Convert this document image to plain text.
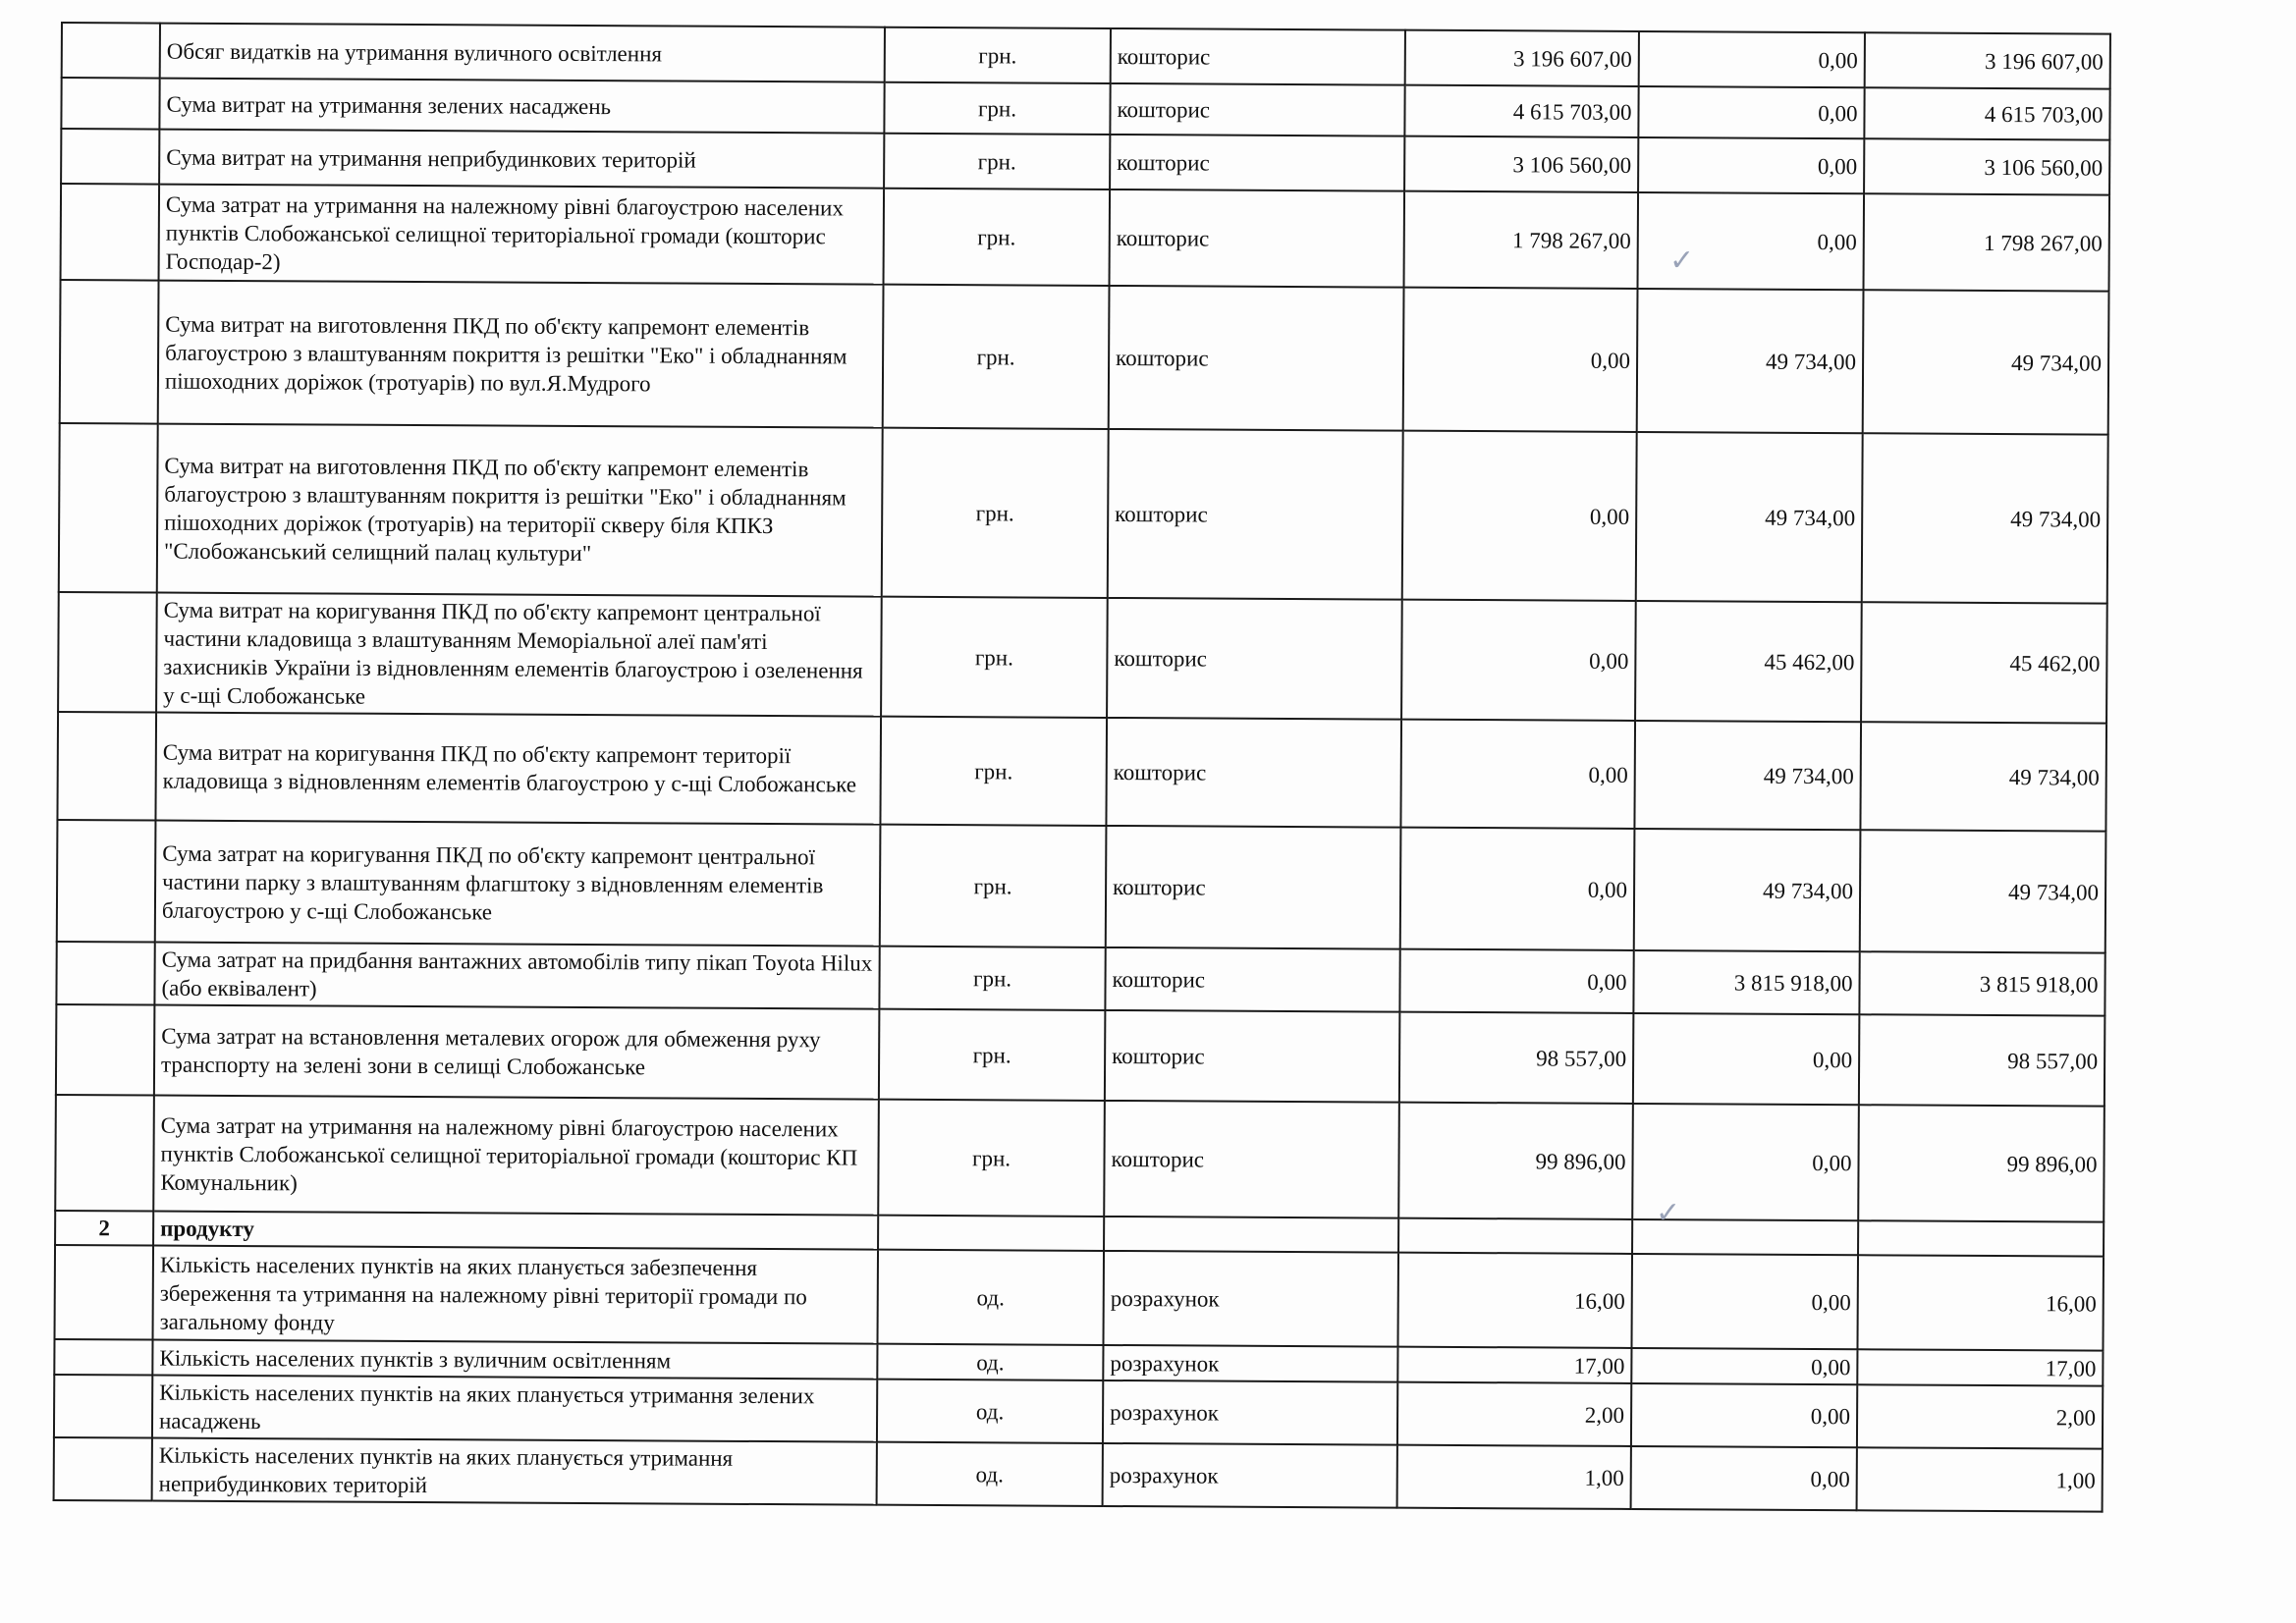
	Обсяг видатків на утримання вуличного освітлення	грн.	кошторис	3 196 607,00	0,00	3 196 607,00
	Сума витрат на утримання зелених насаджень	грн.	кошторис	4 615 703,00	0,00	4 615 703,00
	Сума витрат на утримання неприбудинкових територій	грн.	кошторис	3 106 560,00	0,00	3 106 560,00
	Сума затрат на утримання на належному рівні благоустрою населених пунктів Слобожанської селищної територіальної громади (кошторис Господар-2)	грн.	кошторис	1 798 267,00	0,00	1 798 267,00
	Сума витрат на виготовлення ПКД по об'єкту капремонт елементів благоустрою з влаштуванням покриття із решітки "Еко" і обладнанням пішоходних доріжок (тротуарів) по вул.Я.Мудрого	грн.	кошторис	0,00	49 734,00	49 734,00
	Сума витрат на виготовлення ПКД по об'єкту капремонт елементів благоустрою з влаштуванням покриття із решітки "Еко" і обладнанням пішоходних доріжок (тротуарів) на території скверу біля КПКЗ "Слобожанський селищний палац культури"	грн.	кошторис	0,00	49 734,00	49 734,00
	Сума витрат на коригування ПКД по об'єкту капремонт центральної частини кладовища з влаштуванням Меморіальної алеї пам'яті захисників України із відновленням елементів благоустрою і озеленення у с-щі Слобожанське	грн.	кошторис	0,00	45 462,00	45 462,00
	Сума витрат на коригування ПКД по об'єкту капремонт території кладовища з відновленням елементів благоустрою у с-щі Слобожанське	грн.	кошторис	0,00	49 734,00	49 734,00
	Сума затрат на коригування ПКД по об'єкту капремонт центральної частини парку з влаштуванням флагштоку з відновленням елементів благоустрою у с-щі Слобожанське	грн.	кошторис	0,00	49 734,00	49 734,00
	Сума затрат на придбання вантажних автомобілів типу пікап Toyota Hilux (або еквівалент)	грн.	кошторис	0,00	3 815 918,00	3 815 918,00
	Сума затрат на встановлення металевих огорож для обмеження руху транспорту на зелені зони в селищі Слобожанське	грн.	кошторис	98 557,00	0,00	98 557,00
	Сума затрат на утримання на належному рівні благоустрою населених пунктів Слобожанської селищної територіальної громади (кошторис КП Комунальник)	грн.	кошторис	99 896,00	0,00	99 896,00
2	продукту					
	Кількість населених пунктів на яких планується забезпечення збереження та утримання на належному рівні території громади по загальному фонду	од.	розрахунок	16,00	0,00	16,00
	Кількість населених пунктів з вуличним освітленням	од.	розрахунок	17,00	0,00	17,00
	Кількість населених пунктів на яких планується утримання зелених насаджень	од.	розрахунок	2,00	0,00	2,00
	Кількість населених пунктів на яких планується утримання неприбудинкових територій	од.	розрахунок	1,00	0,00	1,00
✓
✓
